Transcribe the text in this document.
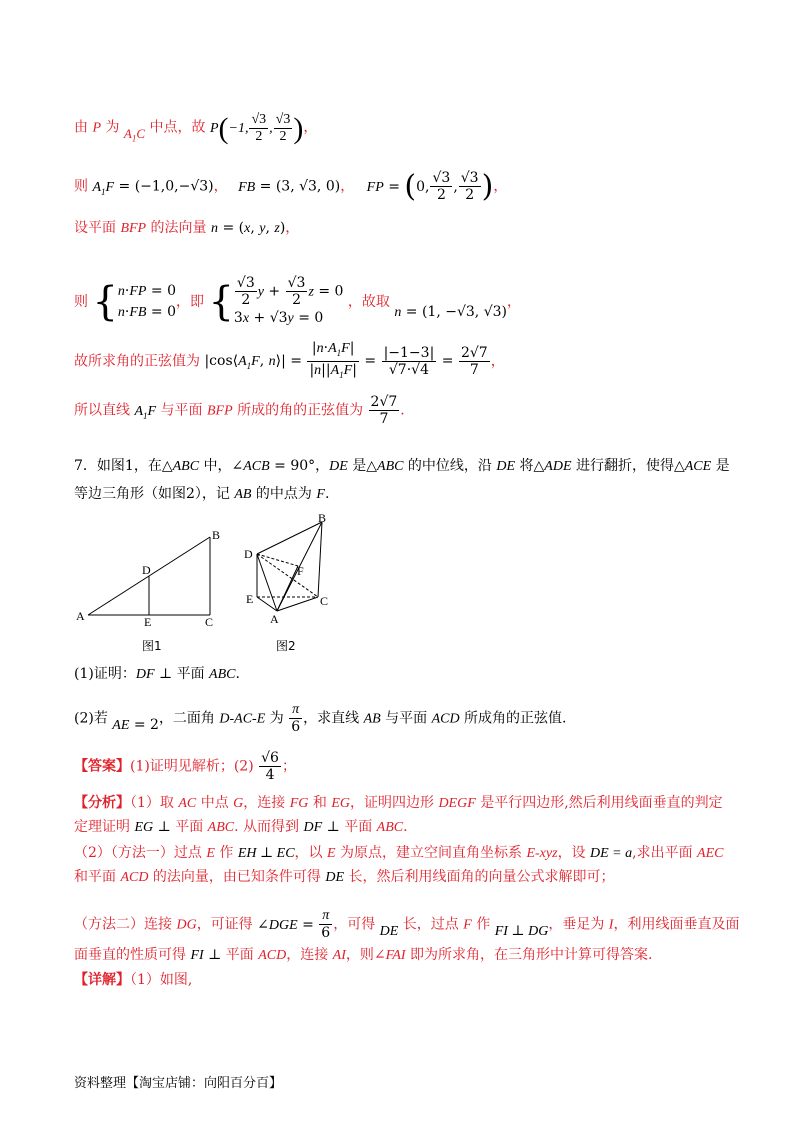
由 P 为 $A_1C$ 中点，故 P(−1, $\frac{√3}{2}$ , $\frac{√3}{2}$ )，
则 $A_1F = (-1,0,-√3)$， FB = (3, √3, 0)， FP = (0, $\frac{√3}{2}$ , $\frac{√3}{2}$ )，
设平面 BFP 的法向量 n = (x, y, z)，
则 {n·FP = 0
n·FB = 0，即 { $\frac{√3}{2}$ $y + \frac{√3}{2}$ z = 0
3x + √3y = 0 ，故取 n = (1, −√3, √3)，
故所求角的正弦值为 $|\cos⟨A_1F$, n⟩| = $\frac{|n\cdot A_1F|}{|n||A_1F|} = \frac{|-1-3|}{√7\cdot√4} = \frac{2√7}{7}$ ，
所以直线 $A_1F$ 与平面 BFP 所成的角的正弦值为 $\frac{2√7}{7}$ .
7．如图1，在△ABC 中，∠ACB = 90°，DE 是△ABC 的中位线，沿 DE 将△ADE 进行翻折，使得△ACE 是
等边三角形（如图2），记 AB 的中点为 F.
A
B
C
D
E
图1
A
B
C
D
E
F
图2
(1)证明：DF ⊥ 平面 ABC.
(2)若 AE = 2，二面角 D-AC-E 为 $\frac{\pi}{6}$ ，求直线 AB 与平面 ACD 所成角的正弦值.
【答案】(1)证明见解析；$(2) \frac{√6}{4}$ ；
【分析】（1）取 AC 中点 G，连接 FG 和 EG，证明四边形 DEGF 是平行四边形,然后利用线面垂直的判定
定理证明 EG ⊥ 平面 ABC. 从而得到 DF ⊥ 平面 ABC.
（2）（方法一）过点 E 作 EH ⊥ EC，以 E 为原点，建立空间直角坐标系 E-xyz，设 DE = a,求出平面 AEC
和平面 ACD 的法向量，由已知条件可得 DE 长，然后利用线面角的向量公式求解即可；
（方法二）连接 DG，可证得 ∠DGE = $\frac{\pi}{6}$ ，可得 DE 长，过点 F 作 FI ⊥ DG，垂足为 I，利用线面垂直及面
面垂直的性质可得 FI ⊥ 平面 ACD，连接 AI，则∠FAI 即为所求角，在三角形中计算可得答案.
【详解】（1）如图,
资料整理【淘宝店铺：向阳百分百】
